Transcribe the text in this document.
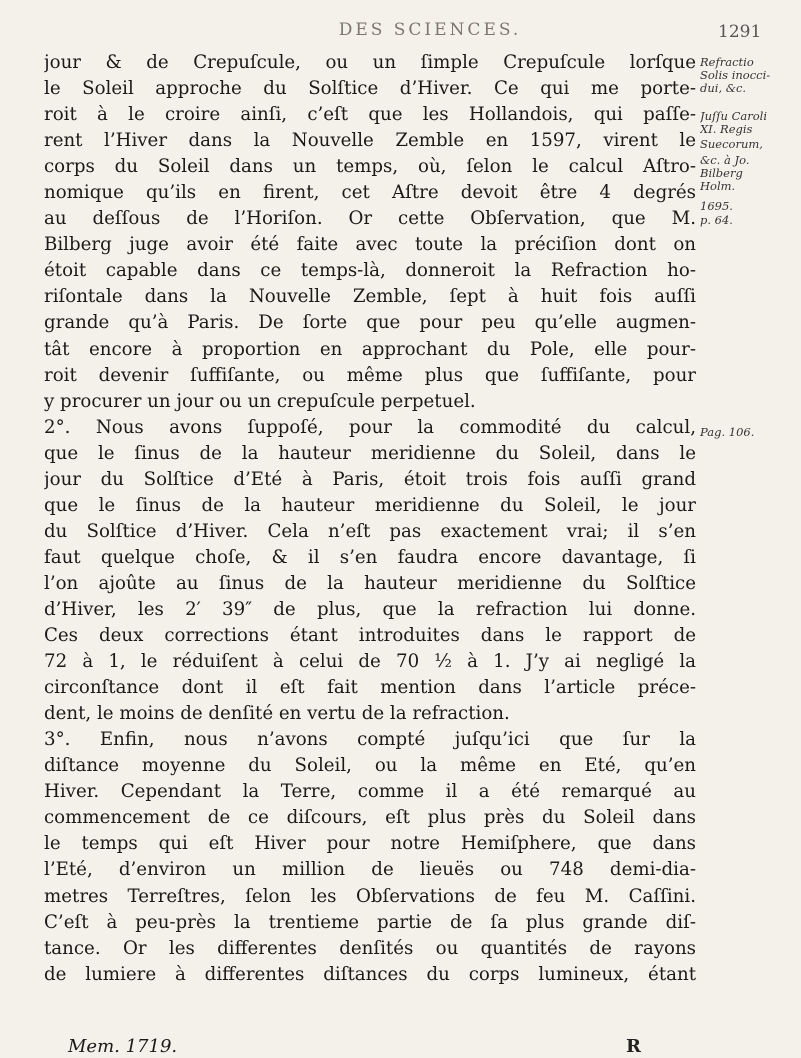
DES SCIENCES.	1291
jour & de Crepuſcule, ou un ſimple Crepuſcule lorſque
le Soleil approche du Solſtice d’Hiver. Ce qui me porte-
roit à le croire ainſi, c’eſt que les Hollandois, qui paſſe-
rent l’Hiver dans la Nouvelle Zemble en 1597, virent le
corps du Soleil dans un temps, où, ſelon le calcul Aſtro-
nomique qu’ils en firent, cet Aſtre devoit être 4 degrés
au deſſous de l’Horiſon. Or cette Obſervation, que M.
Bilberg juge avoir été faite avec toute la préciſion dont on
étoit capable dans ce temps-là, donneroit la Refraction ho-
riſontale dans la Nouvelle Zemble, ſept à huit fois auſſi
grande qu’à Paris. De ſorte que pour peu qu’elle augmen-
tât encore à proportion en approchant du Pole, elle pour-
roit devenir ſuffiſante, ou même plus que ſuffiſante, pour
y procurer un jour ou un crepuſcule perpetuel.
2°. Nous avons ſuppoſé, pour la commodité du calcul,
que le ſinus de la hauteur meridienne du Soleil, dans le
jour du Solſtice d’Eté à Paris, étoit trois fois auſſi grand
que le ſinus de la hauteur meridienne du Soleil, le jour
du Solſtice d’Hiver. Cela n’eſt pas exactement vrai; il s’en
faut quelque choſe, & il s’en faudra encore davantage, ſi
l’on ajoûte au ſinus de la hauteur meridienne du Solſtice
d’Hiver, les 2′ 39″ de plus, que la refraction lui donne.
Ces deux corrections étant introduites dans le rapport de
72 à 1, le réduiſent à celui de 70 ½ à 1. J’y ai negligé la
circonſtance dont il eſt fait mention dans l’article préce-
dent, le moins de denſité en vertu de la refraction.
3°. Enfin, nous n’avons compté juſqu’ici que ſur la
diſtance moyenne du Soleil, ou la même en Eté, qu’en
Hiver. Cependant la Terre, comme il a été remarqué au
commencement de ce diſcours, eſt plus près du Soleil dans
le temps qui eſt Hiver pour notre Hemiſphere, que dans
l’Eté, d’environ un million de lieuës ou 748 demi-dia-
metres Terreſtres, ſelon les Obſervations de feu M. Caſſini.
C’eſt à peu-près la trentieme partie de ſa plus grande diſ-
tance. Or les differentes denſités ou quantités de rayons
de lumiere à differentes diſtances du corps lumineux, étant
Refractio
Solis inocci-
dui, &c.
Juſſu Caroli
XI. Regis
Suecorum,
&c. à Jo.
Bilberg
Holm.
1695.
p. 64.
Pag. 106.
Mem. 1719.	R
